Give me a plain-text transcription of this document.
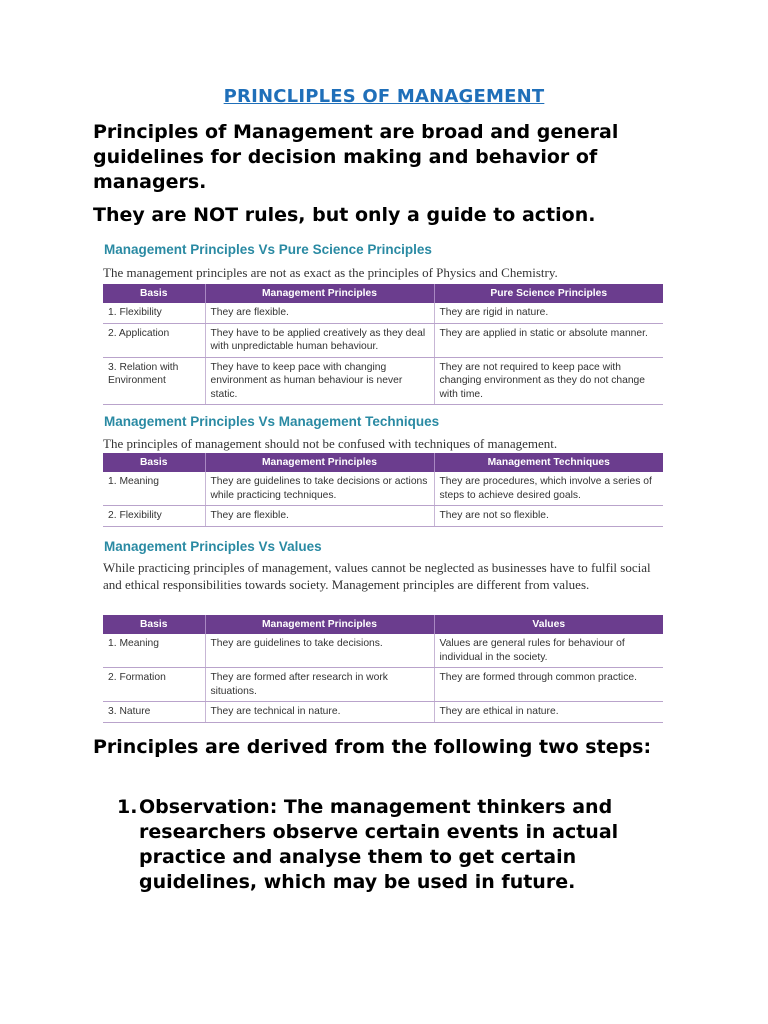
PRINCLIPLES OF MANAGEMENT
Principles of Management are broad and general guidelines for decision making and behavior of managers.
They are NOT rules, but only a guide to action.
Management Principles Vs Pure Science Principles
The management principles are not as exact as the principles of Physics and Chemistry.
Basis	Management Principles	Pure Science Principles
1. Flexibility	They are flexible.	They are rigid in nature.
2. Application	They have to be applied creatively as they deal with unpredictable human behaviour.	They are applied in static or absolute manner.
3. Relation with Environment	They have to keep pace with changing environment as human behaviour is never static.	They are not required to keep pace with changing environment as they do not change with time.
Management Principles Vs Management Techniques
The principles of management should not be confused with techniques of management.
Basis	Management Principles	Management Techniques
1. Meaning	They are guidelines to take decisions or actions while practicing techniques.	They are procedures, which involve a series of steps to achieve desired goals.
2. Flexibility	They are flexible.	They are not so flexible.
Management Principles Vs Values
While practicing principles of management, values cannot be neglected as businesses have to fulfil social and ethical responsibilities towards society. Management principles are different from values.
Basis	Management Principles	Values
1. Meaning	They are guidelines to take decisions.	Values are general rules for behaviour of individual in the society.
2. Formation	They are formed after research in work situations.	They are formed through common practice.
3. Nature	They are technical in nature.	They are ethical in nature.
Principles are derived from the following two steps:
1. Observation: The management thinkers and researchers observe certain events in actual practice and analyse them to get certain guidelines, which may be used in future.
